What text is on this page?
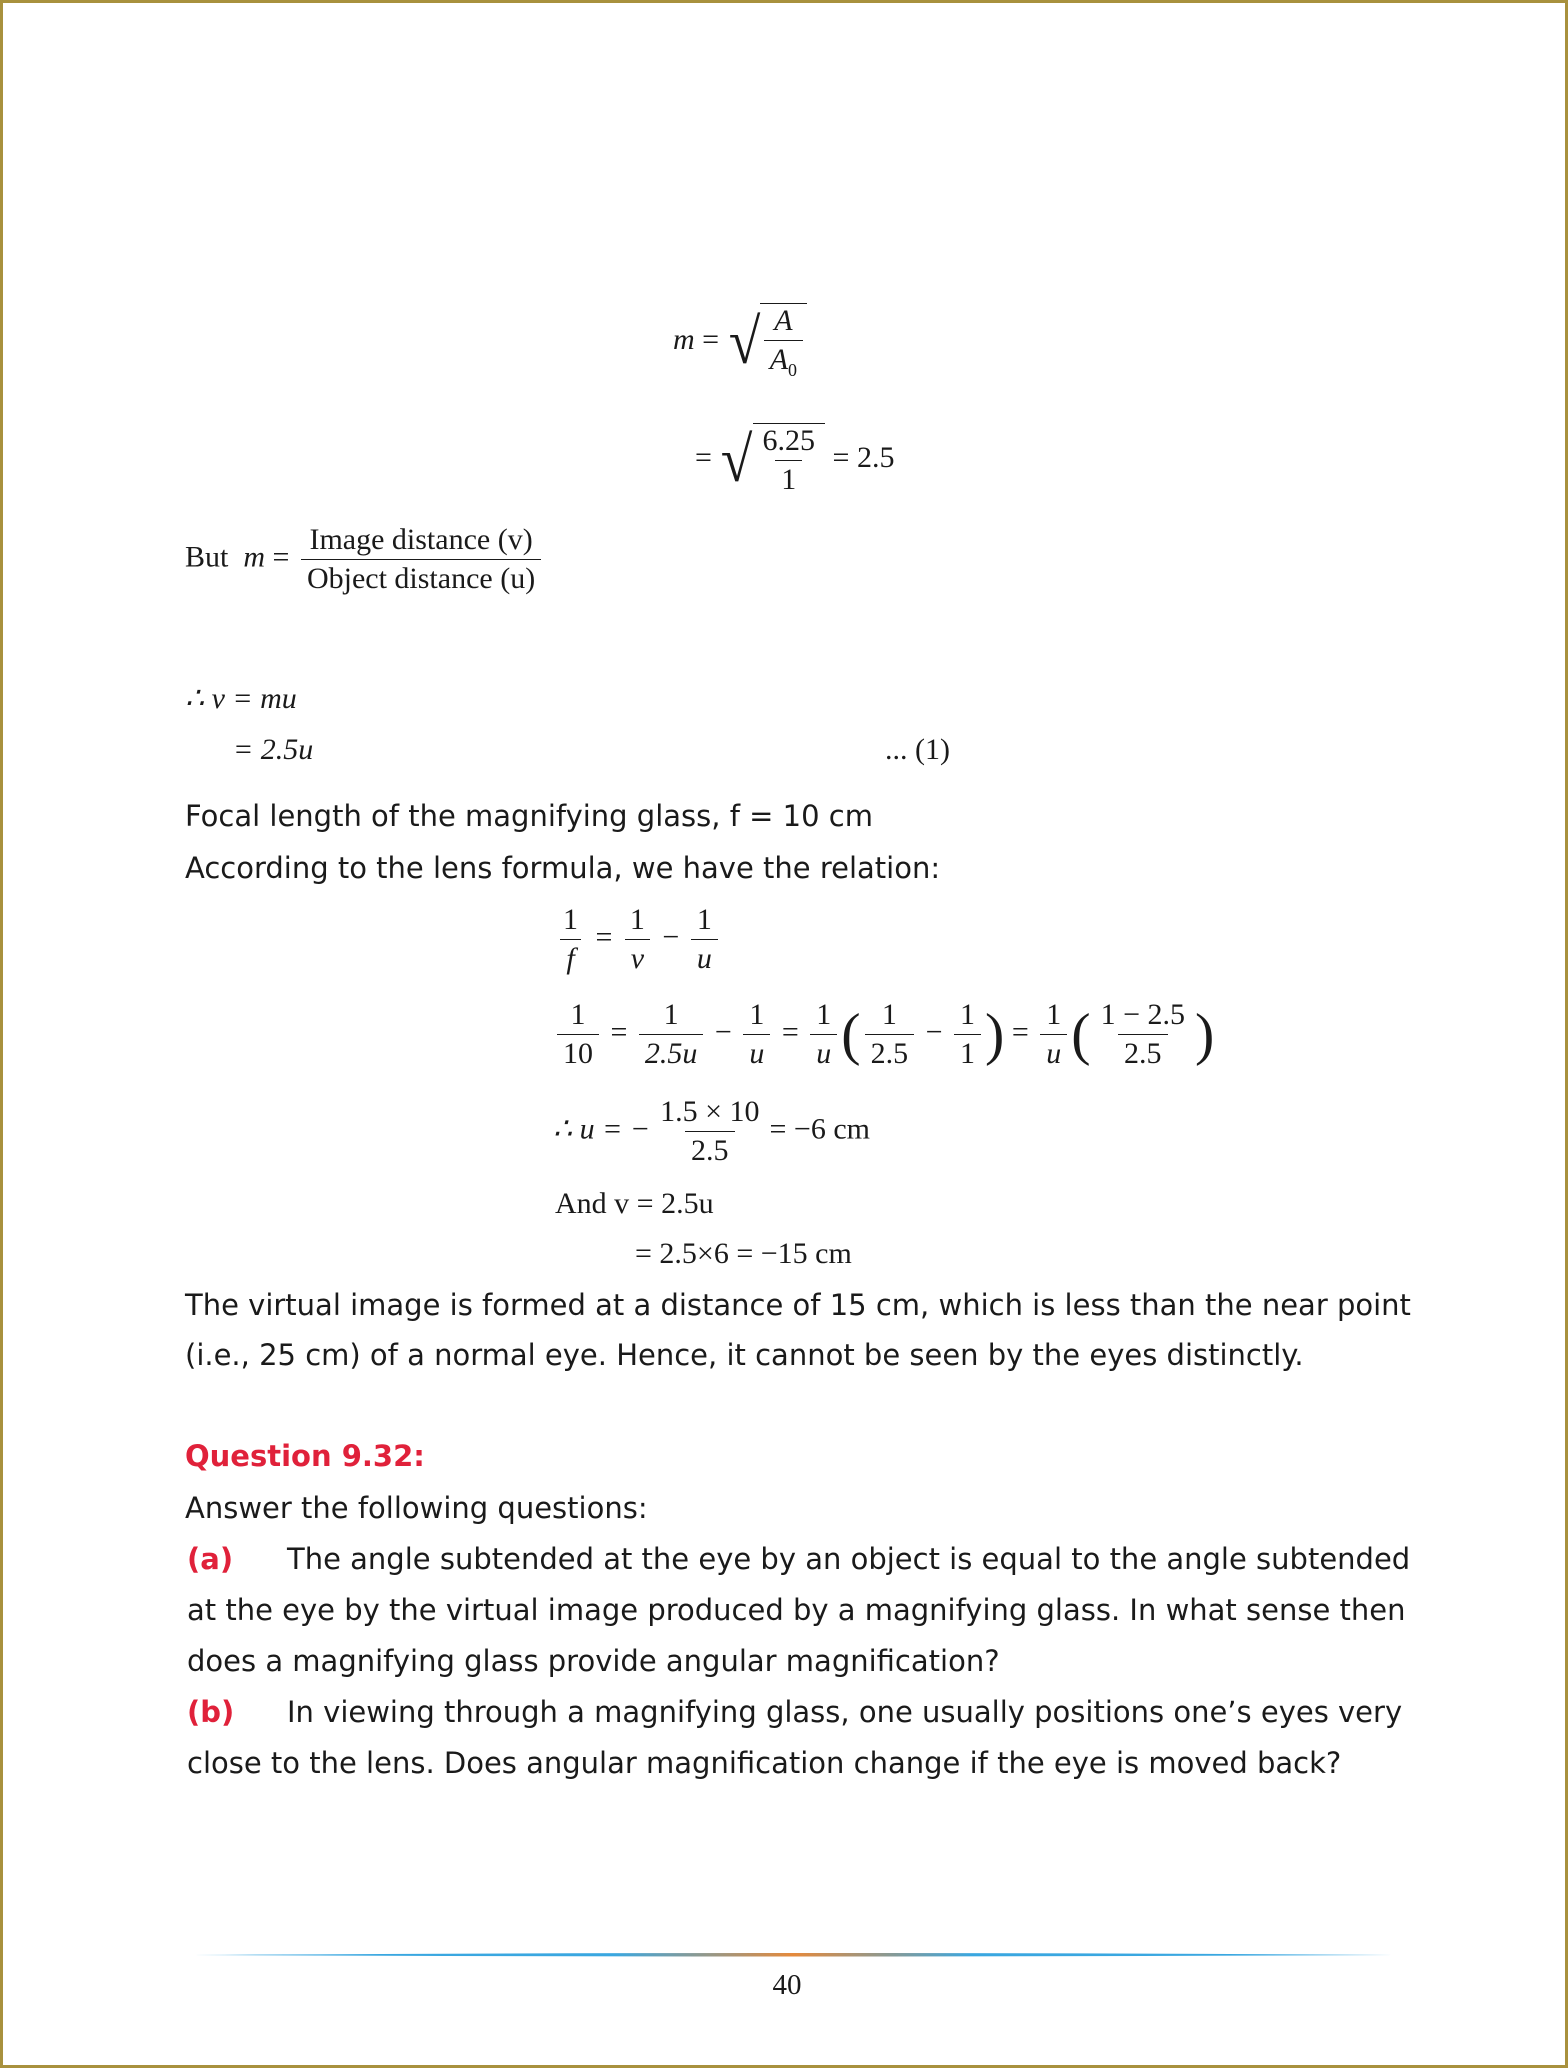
m = √ $\frac{A}{A_0}$
= √ $\frac{6.25}{1} = 2.5$
But $m = \frac{\text{Image distance (v)}}{\text{Object distance (u)}}$
∴ v = mu
= 2.5u	... (1)
Focal length of the magnifying glass, f = 10 cm
According to the lens formula, we have the relation:
$\frac{1}{f} = \frac{1}{v} - \frac{1}{u}$
$\frac{1}{10} = \frac{1}{2.5u} - \frac{1}{u} = \frac{1}{u}$ ( $\frac{1}{2.5} - \frac{1}{1}$ ) = $\frac{1}{u}$ ( $\frac{1 - 2.5}{2.5}$ )
∴ u = − $\frac{1.5 \times 10}{2.5} = -6$ cm
And v = 2.5u
= 2.5×6 = −15 cm
The virtual image is formed at a distance of 15 cm, which is less than the near point
(i.e., 25 cm) of a normal eye. Hence, it cannot be seen by the eyes distinctly.
Question 9.32:
Answer the following questions:
(a) The angle subtended at the eye by an object is equal to the angle subtended
at the eye by the virtual image produced by a magnifying glass. In what sense then
does a magnifying glass provide angular magnification?
(b) In viewing through a magnifying glass, one usually positions one’s eyes very
close to the lens. Does angular magnification change if the eye is moved back?
40
